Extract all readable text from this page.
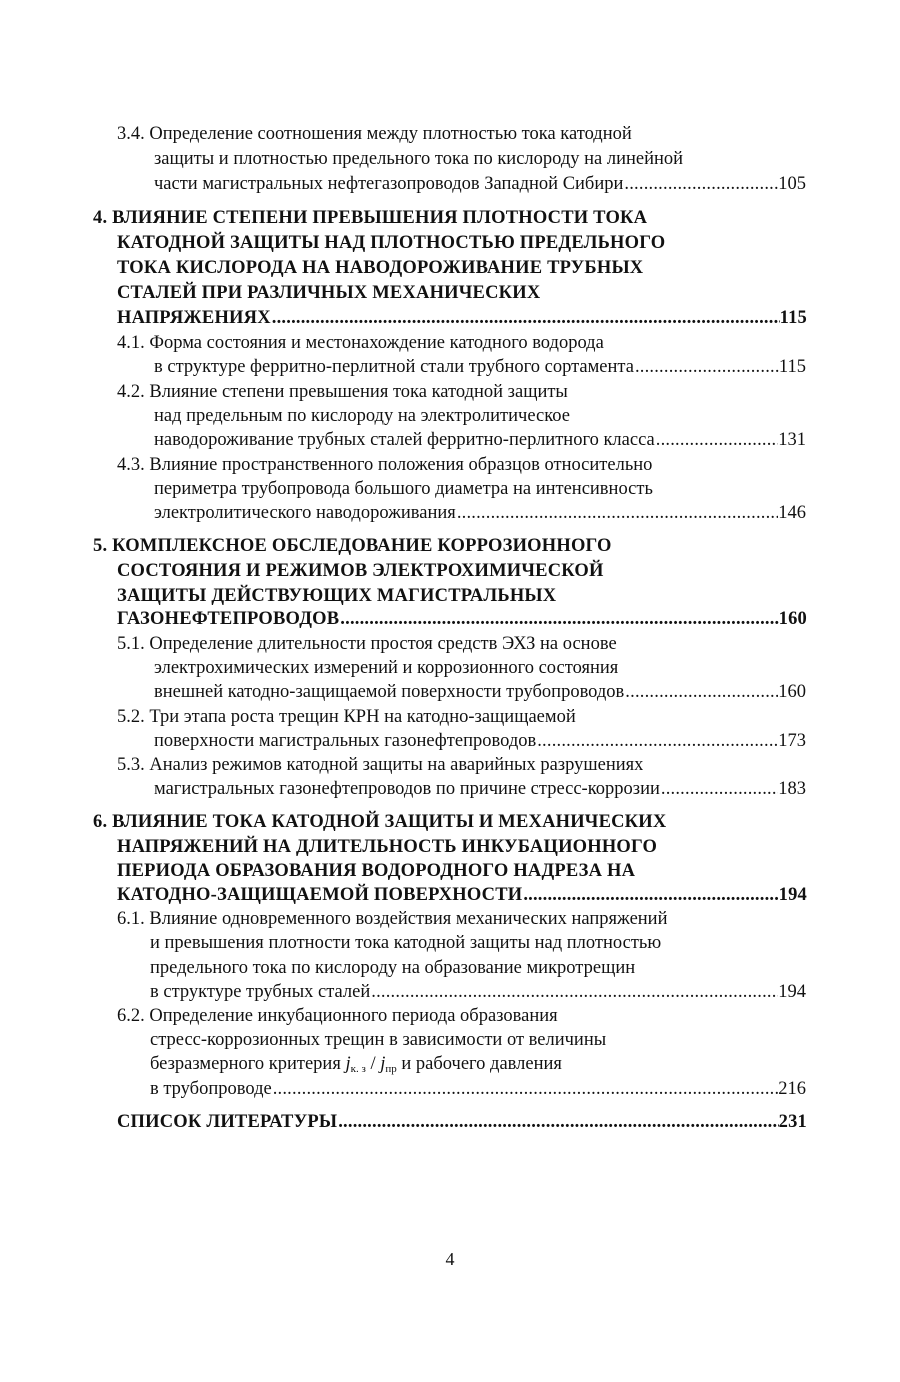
3.4. Определение соотношения между плотностью тока катодной
защиты и плотностью предельного тока по кислороду на линейной
части магистральных нефтегазопроводов Западной Сибири .....	105
4. ВЛИЯНИЕ СТЕПЕНИ ПРЕВЫШЕНИЯ ПЛОТНОСТИ ТОКА
КАТОДНОЙ ЗАЩИТЫ НАД ПЛОТНОСТЬЮ ПРЕДЕЛЬНОГО
ТОКА КИСЛОРОДА НА НАВОДОРОЖИВАНИЕ ТРУБНЫХ
СТАЛЕЙ ПРИ РАЗЛИЧНЫХ МЕХАНИЧЕСКИХ
НАПРЯЖЕНИЯХ .....	115
4.1. Форма состояния и местонахождение катодного водорода
в структуре ферритно-перлитной стали трубного сортамента .....	115
4.2. Влияние степени превышения тока катодной защиты
над предельным по кислороду на электролитическое
наводороживание трубных сталей ферритно-перлитного класса .....	131
4.3. Влияние пространственного положения образцов относительно
периметра трубопровода большого диаметра на интенсивность
электролитического наводороживания .....	146
5. КОМПЛЕКСНОЕ ОБСЛЕДОВАНИЕ КОРРОЗИОННОГО
СОСТОЯНИЯ И РЕЖИМОВ ЭЛЕКТРОХИМИЧЕСКОЙ
ЗАЩИТЫ ДЕЙСТВУЮЩИХ МАГИСТРАЛЬНЫХ
ГАЗОНЕФТЕПРОВОДОВ .....	160
5.1. Определение длительности простоя средств ЭХЗ на основе
электрохимических измерений и коррозионного состояния
внешней катодно-защищаемой поверхности трубопроводов .....	160
5.2. Три этапа роста трещин КРН на катодно-защищаемой
поверхности магистральных газонефтепроводов .....	173
5.3. Анализ режимов катодной защиты на аварийных разрушениях
магистральных газонефтепроводов по причине стресс-коррозии .....	183
6. ВЛИЯНИЕ ТОКА КАТОДНОЙ ЗАЩИТЫ И МЕХАНИЧЕСКИХ
НАПРЯЖЕНИЙ НА ДЛИТЕЛЬНОСТЬ ИНКУБАЦИОННОГО
ПЕРИОДА ОБРАЗОВАНИЯ ВОДОРОДНОГО НАДРЕЗА НА
КАТОДНО-ЗАЩИЩАЕМОЙ ПОВЕРХНОСТИ .....	194
6.1. Влияние одновременного воздействия механических напряжений
и превышения плотности тока катодной защиты над плотностью
предельного тока по кислороду на образование микротрещин
в структуре трубных сталей .....	194
6.2. Определение инкубационного периода образования
стресс-коррозионных трещин в зависимости от величины
безразмерного критерия $j_{к. з} / j_{пр}$ и рабочего давления
в трубопроводе .....	216
СПИСОК ЛИТЕРАТУРЫ .....	231
4
